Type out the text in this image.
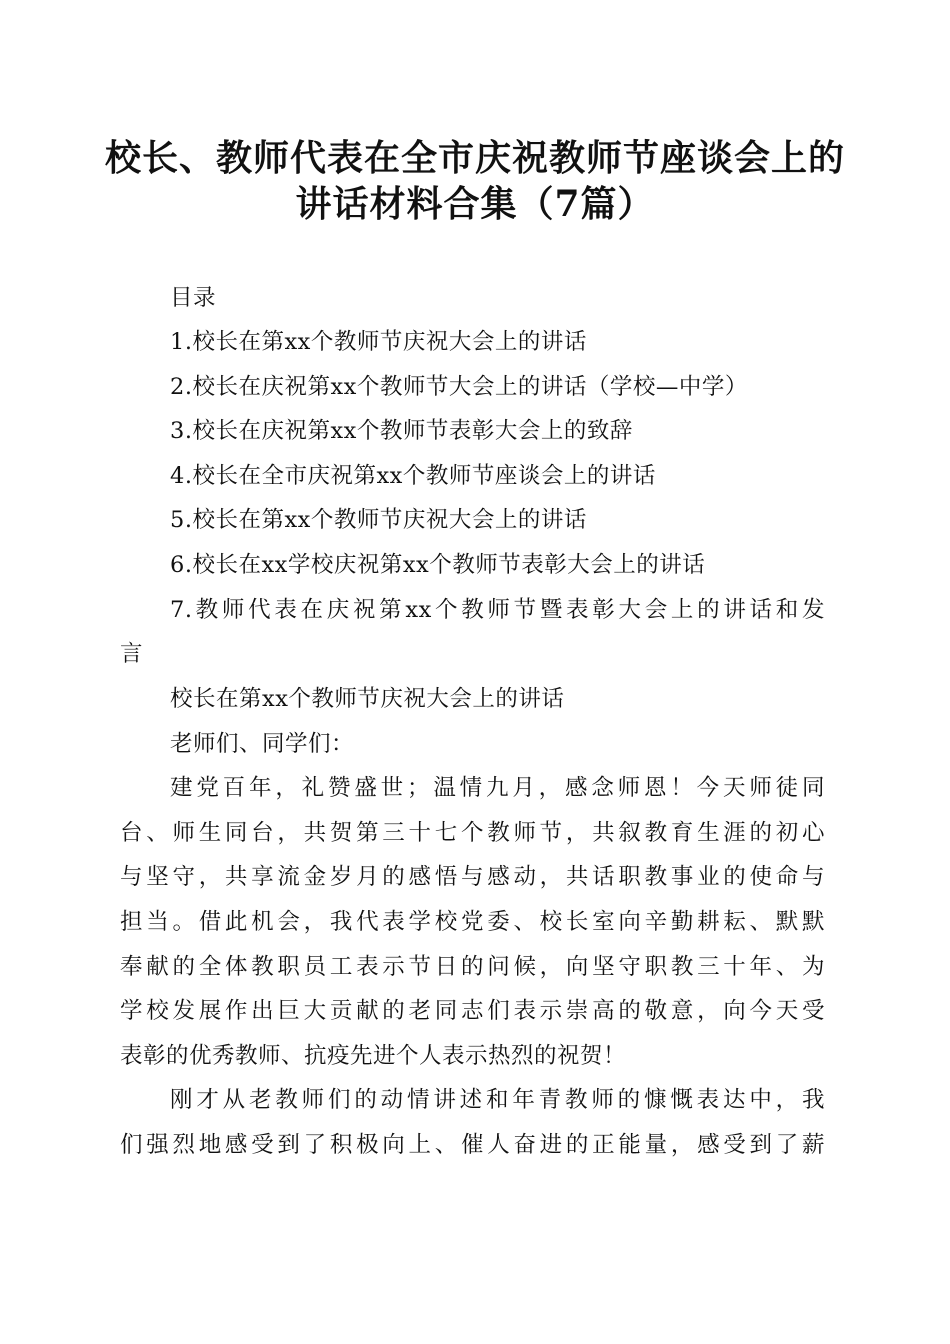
校长、教师代表在全市庆祝教师节座谈会上的
讲话材料合集（7篇）
目录
1.校长在第xx个教师节庆祝大会上的讲话
2.校长在庆祝第xx个教师节大会上的讲话（学校—中学）
3.校长在庆祝第xx个教师节表彰大会上的致辞
4.校长在全市庆祝第xx个教师节座谈会上的讲话
5.校长在第xx个教师节庆祝大会上的讲话
6.校长在xx学校庆祝第xx个教师节表彰大会上的讲话
7.教师代表在庆祝第xx个教师节暨表彰大会上的讲话和发
言
校长在第xx个教师节庆祝大会上的讲话
老师们、同学们：
建党百年，礼赞盛世；温情九月，感念师恩！今天师徒同
台、师生同台，共贺第三十七个教师节，共叙教育生涯的初心
与坚守，共享流金岁月的感悟与感动，共话职教事业的使命与
担当。借此机会，我代表学校党委、校长室向辛勤耕耘、默默
奉献的全体教职员工表示节日的问候，向坚守职教三十年、为
学校发展作出巨大贡献的老同志们表示崇高的敬意，向今天受
表彰的优秀教师、抗疫先进个人表示热烈的祝贺！
刚才从老教师们的动情讲述和年青教师的慷慨表达中，我
们强烈地感受到了积极向上、催人奋进的正能量，感受到了薪
